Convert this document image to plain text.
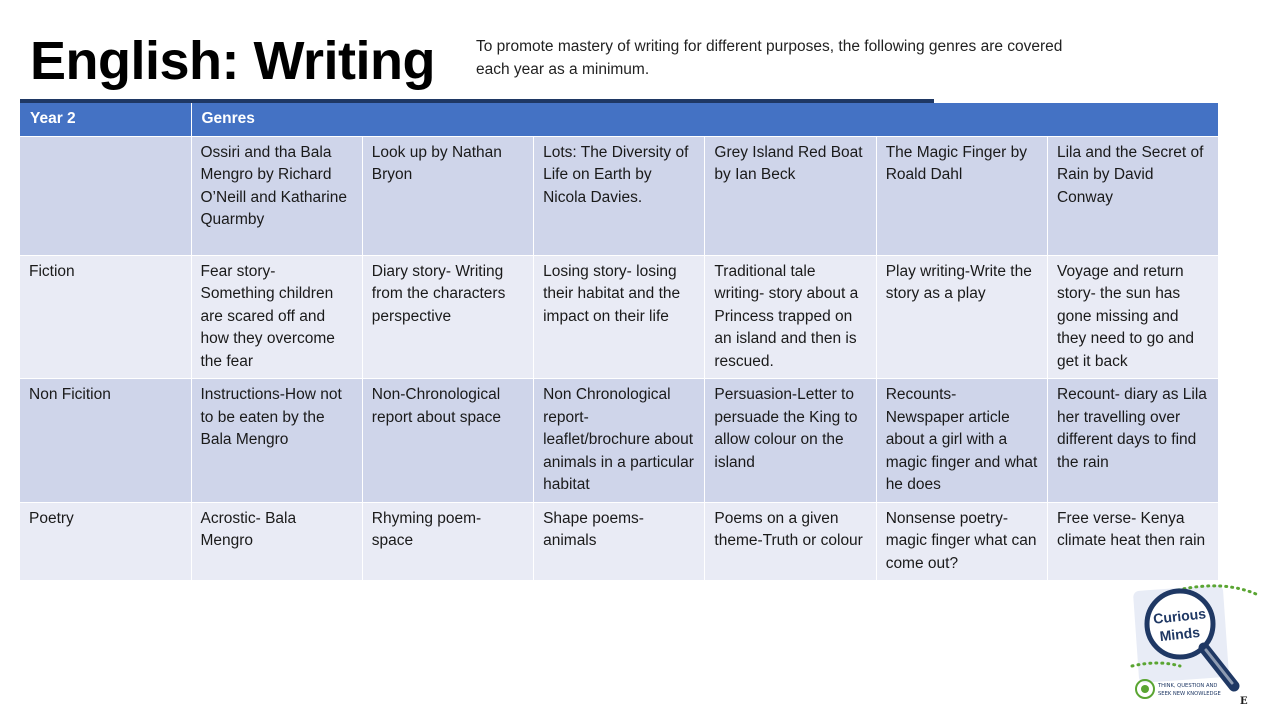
English: Writing	To promote mastery of writing for different purposes, the following genres are covered each year as a minimum.
Year 2	Genres					
	Ossiri and tha Bala Mengro by Richard O’Neill and Katharine Quarmby	Look up by Nathan Bryon	Lots: The Diversity of Life on Earth by Nicola Davies.	Grey Island Red Boat by Ian Beck	The Magic Finger by Roald Dahl	Lila and the Secret of Rain by David Conway
Fiction	Fear story- Something children are scared off and how they overcome the fear	Diary story- Writing from the characters perspective	Losing story- losing their habitat and the impact on their life	Traditional tale writing- story about a Princess trapped on an island and then is rescued.	Play writing-Write the story as a play	Voyage and return story- the sun has gone missing and they need to go and get it back
Non Ficition	Instructions-How not to be eaten by the Bala Mengro	Non-Chronological report about space	Non Chronological report- leaflet/brochure about animals in a particular habitat	Persuasion-Letter to persuade the King to allow colour on the island	Recounts- Newspaper article about a girl with a magic finger and what he does	Recount- diary as Lila her travelling over different days to find the rain
Poetry	Acrostic- Bala Mengro	Rhyming poem- space	Shape poems- animals	Poems on a given theme-Truth or colour	Nonsense poetry- magic finger what can come out?	Free verse- Kenya climate heat then rain
Curious
Minds
THINK, QUESTION AND
SEEK NEW KNOWLEDGE
E
